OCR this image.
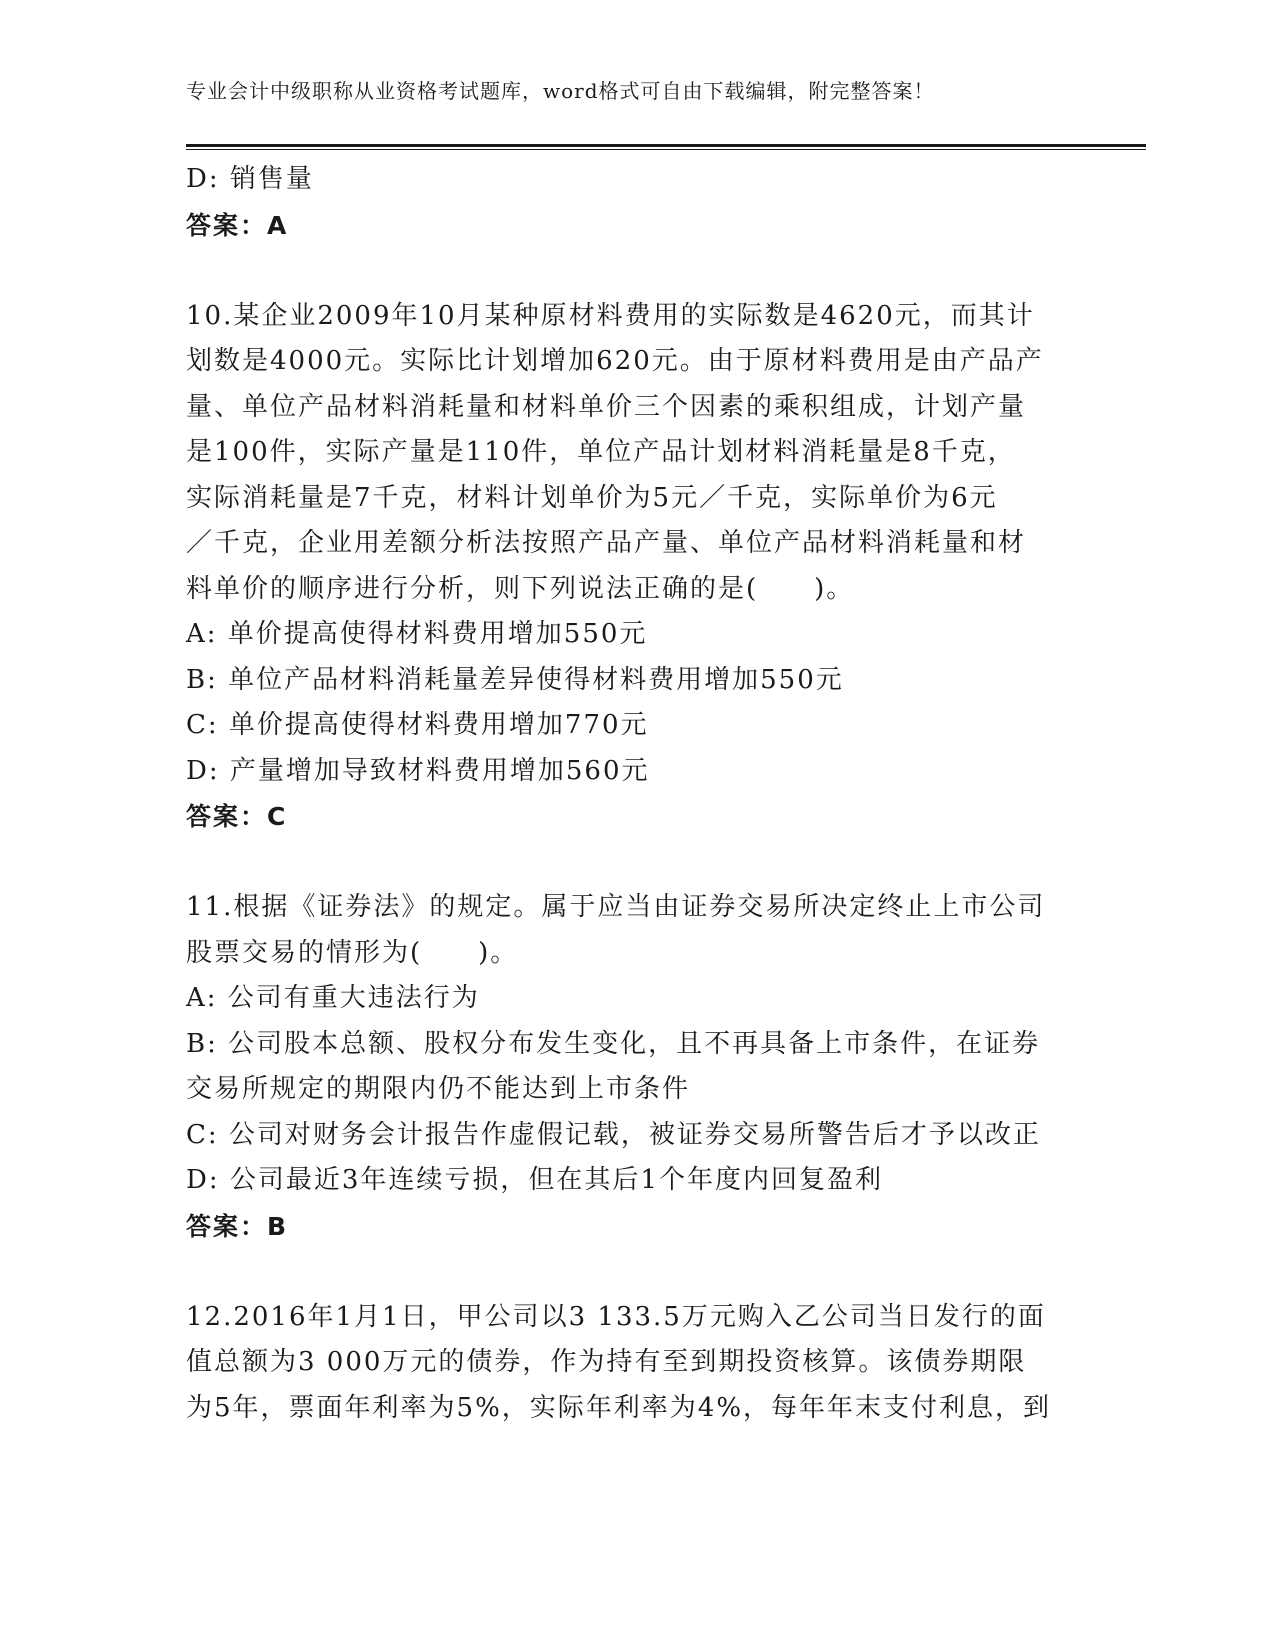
专业会计中级职称从业资格考试题库，word格式可自由下载编辑，附完整答案！
D: 销售量
答案：A
10.某企业2009年10月某种原材料费用的实际数是4620元，而其计
划数是4000元。实际比计划增加620元。由于原材料费用是由产品产
量、单位产品材料消耗量和材料单价三个因素的乘积组成，计划产量
是100件，实际产量是110件，单位产品计划材料消耗量是8千克，
实际消耗量是7千克，材料计划单价为5元／千克，实际单价为6元
／千克，企业用差额分析法按照产品产量、单位产品材料消耗量和材
料单价的顺序进行分析，则下列说法正确的是(　　)。
A: 单价提高使得材料费用增加550元
B: 单位产品材料消耗量差异使得材料费用增加550元
C: 单价提高使得材料费用增加770元
D: 产量增加导致材料费用增加560元
答案：C
11.根据《证券法》的规定。属于应当由证券交易所决定终止上市公司
股票交易的情形为(　　)。
A: 公司有重大违法行为
B: 公司股本总额、股权分布发生变化，且不再具备上市条件，在证券
交易所规定的期限内仍不能达到上市条件
C: 公司对财务会计报告作虚假记载，被证券交易所警告后才予以改正
D: 公司最近3年连续亏损，但在其后1个年度内回复盈利
答案：B
12.2016年1月1日，甲公司以3 133.5万元购入乙公司当日发行的面
值总额为3 000万元的债券，作为持有至到期投资核算。该债券期限
为5年，票面年利率为5%，实际年利率为4%，每年年末支付利息，到
